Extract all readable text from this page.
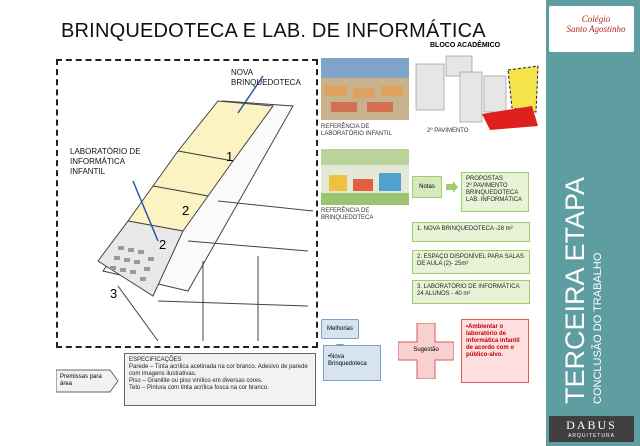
BRINQUEDOTECA E LAB. DE INFORMÁTICA
Colégio
Santo Agostinho
TERCEIRA ETAPA CONCLUSÃO DO TRABALHO
DABUS
ARQUITETURA
NOVA
BRINQUEDOTECA
LABORATÓRIO DE
INFORMÁTICA
INFANTIL
1
2
2
3
REFERÊNCIA DE LABORATÓRIO INFANTIL
REFERÊNCIA DE BRINQUEDOTECA
BLOCO ACADÊMICO
2º PAVIMENTO
Notas
PROPOSTAS
2º PAVIMENTO
BRINQUEDOTECA
LAB. INFORMÁTICA
1. NOVA BRINQUEDOTECA -28 m²
2. ESPAÇO DISPONÍVEL PARA SALAS DE AULA (2)- 25m²
3. LABORATÓRIO DE INFORMÁTICA 24 ALUNOS - 40 m²
Melhorias
•Nova Brinquedoteca
Sugestão
•Ambientar o laboratório de informática infantil de acordo com o público-alvo.
Premissas para área
ESPECIFICAÇÕES
Parede – Tinta acrílica acetinada na cor branco. Adesivo de parede com imagens ilustrativas.
Piso – Granilite ou piso vinílico em diversas cores.
Teto – Pintura com tinta acrílica fosca na cor branco.
